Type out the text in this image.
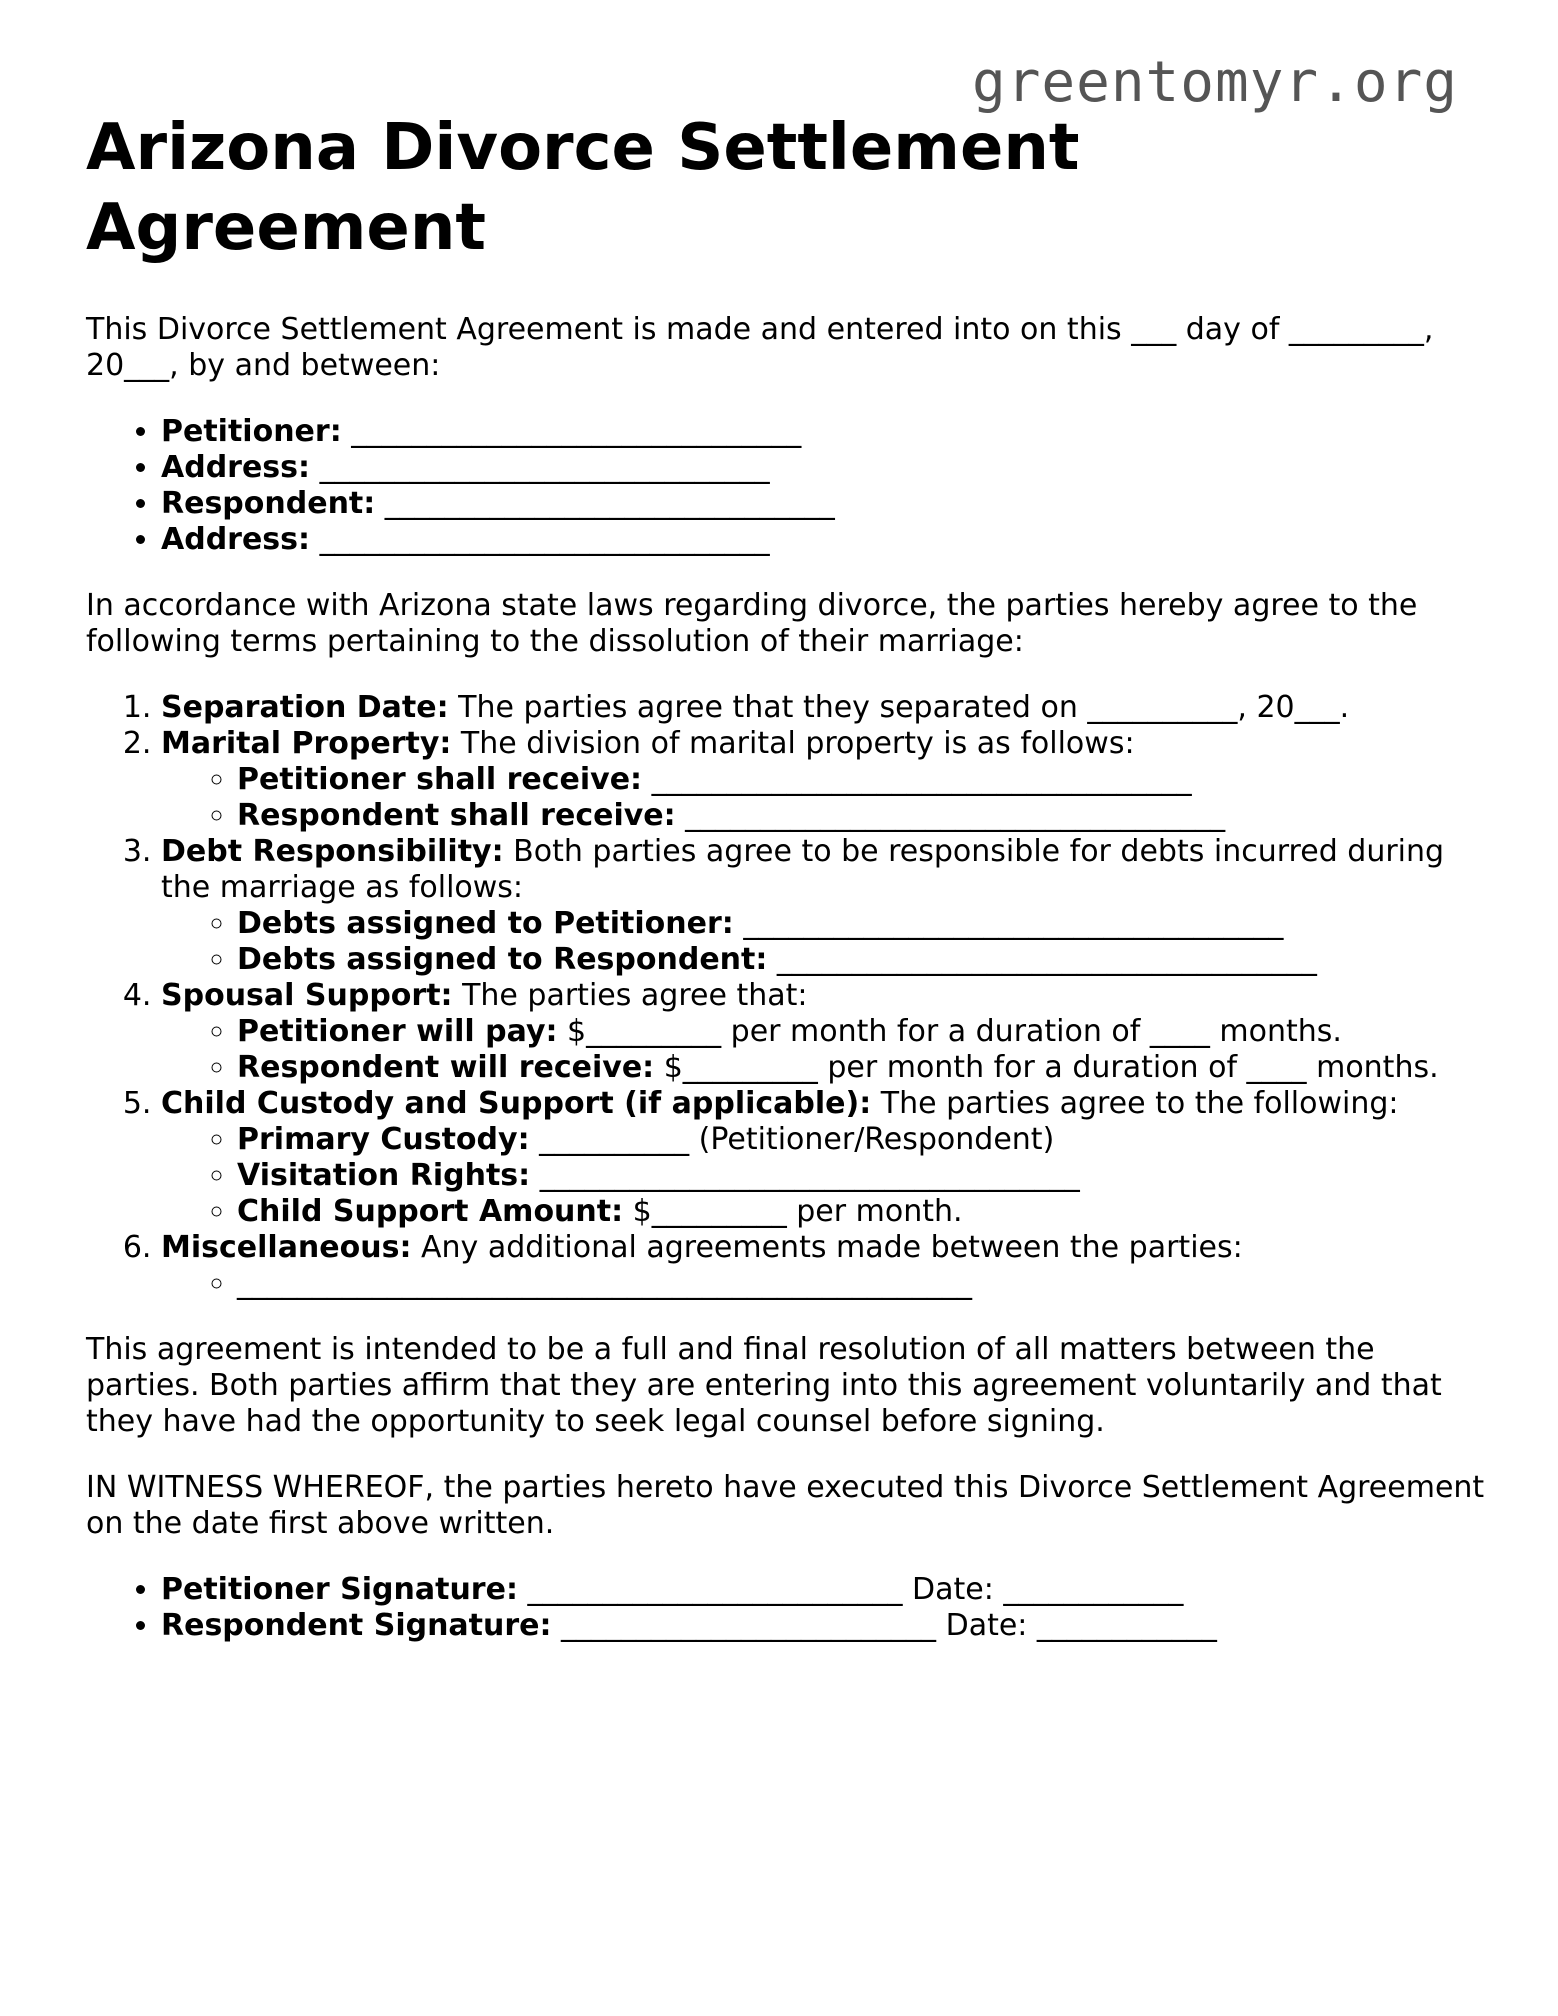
greentomyr.org
Arizona Divorce Settlement Agreement

This Divorce Settlement Agreement is made and entered into on this ___ day of _________, 20___, by and between:

• Petitioner: ______________________________
• Address: ______________________________
• Respondent: ______________________________
• Address: ______________________________

In accordance with Arizona state laws regarding divorce, the parties hereby agree to the following terms pertaining to the dissolution of their marriage:

1. Separation Date: The parties agree that they separated on __________, 20___.
2. Marital Property: The division of marital property is as follows:
◦ Petitioner shall receive: ____________________________________
◦ Respondent shall receive: ____________________________________
3. Debt Responsibility: Both parties agree to be responsible for debts incurred during the marriage as follows:
◦ Debts assigned to Petitioner: ____________________________________
◦ Debts assigned to Respondent: ____________________________________
4. Spousal Support: The parties agree that:
◦ Petitioner will pay: $_________ per month for a duration of ____ months.
◦ Respondent will receive: $_________ per month for a duration of ____ months.
5. Child Custody and Support (if applicable): The parties agree to the following:
◦ Primary Custody: __________ (Petitioner/Respondent)
◦ Visitation Rights: ____________________________________
◦ Child Support Amount: $_________ per month.
6. Miscellaneous: Any additional agreements made between the parties:
◦ _________________________________________________

This agreement is intended to be a full and final resolution of all matters between the parties. Both parties affirm that they are entering into this agreement voluntarily and that they have had the opportunity to seek legal counsel before signing.

IN WITNESS WHEREOF, the parties hereto have executed this Divorce Settlement Agreement on the date first above written.

• Petitioner Signature: _________________________ Date: ____________
• Respondent Signature: _________________________ Date: ____________
